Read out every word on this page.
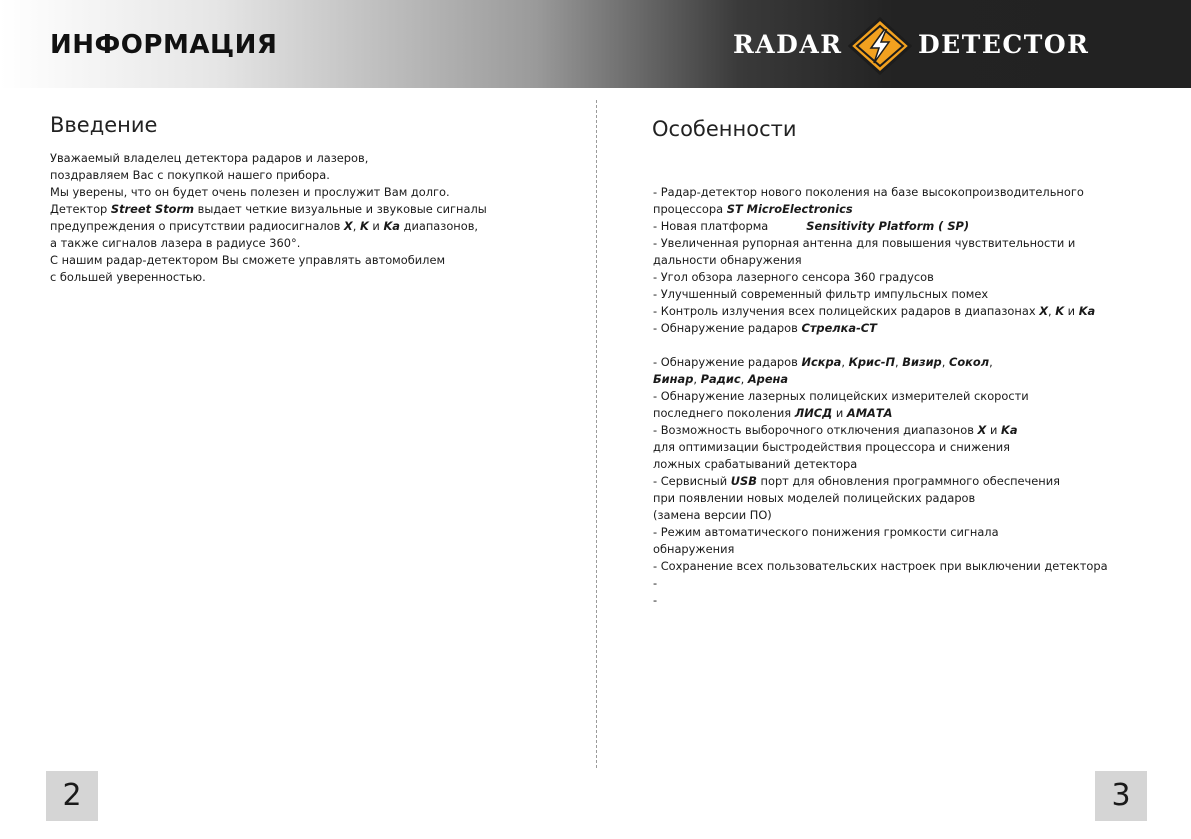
ИНФОРМАЦИЯ	RADAR	DETECTOR
Введение
Уважаемый владелец детектора радаров и лазеров,
поздравляем Вас с покупкой нашего прибора.
Мы уверены, что он будет очень полезен и прослужит Вам долго.
Детектор Street Storm выдает четкие визуальные и звуковые сигналы
предупреждения о присутствии радиосигналов X, K и Ka диапазонов,
а также сигналов лазера в радиусе 360°.
С нашим радар-детектором Вы сможете управлять автомобилем
с большей уверенностью.
Особенности
- Радар-детектор нового поколения на базе высокопроизводительного
процессора ST MicroElectronics
- Новая платформа	Sensitivity Platform ( SP)
- Увеличенная рупорная антенна для повышения чувствительности и
дальности обнаружения
- Угол обзора лазерного сенсора 360 градусов
- Улучшенный современный фильтр импульсных помех
- Контроль излучения всех полицейских радаров в диапазонах X, K и Ka
- Обнаружение радаров Стрелка-СТ
- Обнаружение радаров Искра, Крис-П, Визир, Сокол,
Бинар, Радис, Арена
- Обнаружение лазерных полицейских измерителей скорости
последнего поколения ЛИСД и АМАТА
- Возможность выборочного отключения диапазонов X и Ka
для оптимизации быстродействия процессора и снижения
ложных срабатываний детектора
- Сервисный USB порт для обновления программного обеспечения
при появлении новых моделей полицейских радаров
(замена версии ПО)
- Режим автоматического понижения громкости сигнала
обнаружения
- Сохранение всех пользовательских настроек при выключении детектора
-
-
2	3
